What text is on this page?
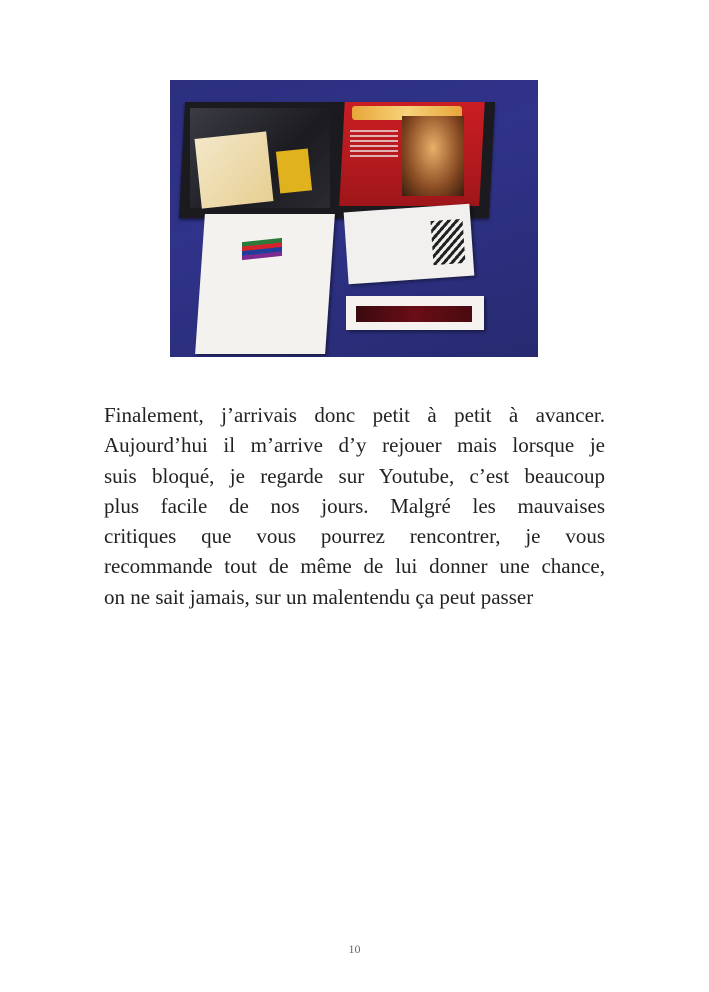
Finalement, j’arrivais donc petit à petit à avancer.
Aujourd’hui il m’arrive d’y rejouer mais lorsque je
suis bloqué, je regarde sur Youtube, c’est beaucoup
plus facile de nos jours. Malgré les mauvaises
critiques que vous pourrez rencontrer, je vous
recommande tout de même de lui donner une chance,
on ne sait jamais, sur un malentendu ça peut passer
10
